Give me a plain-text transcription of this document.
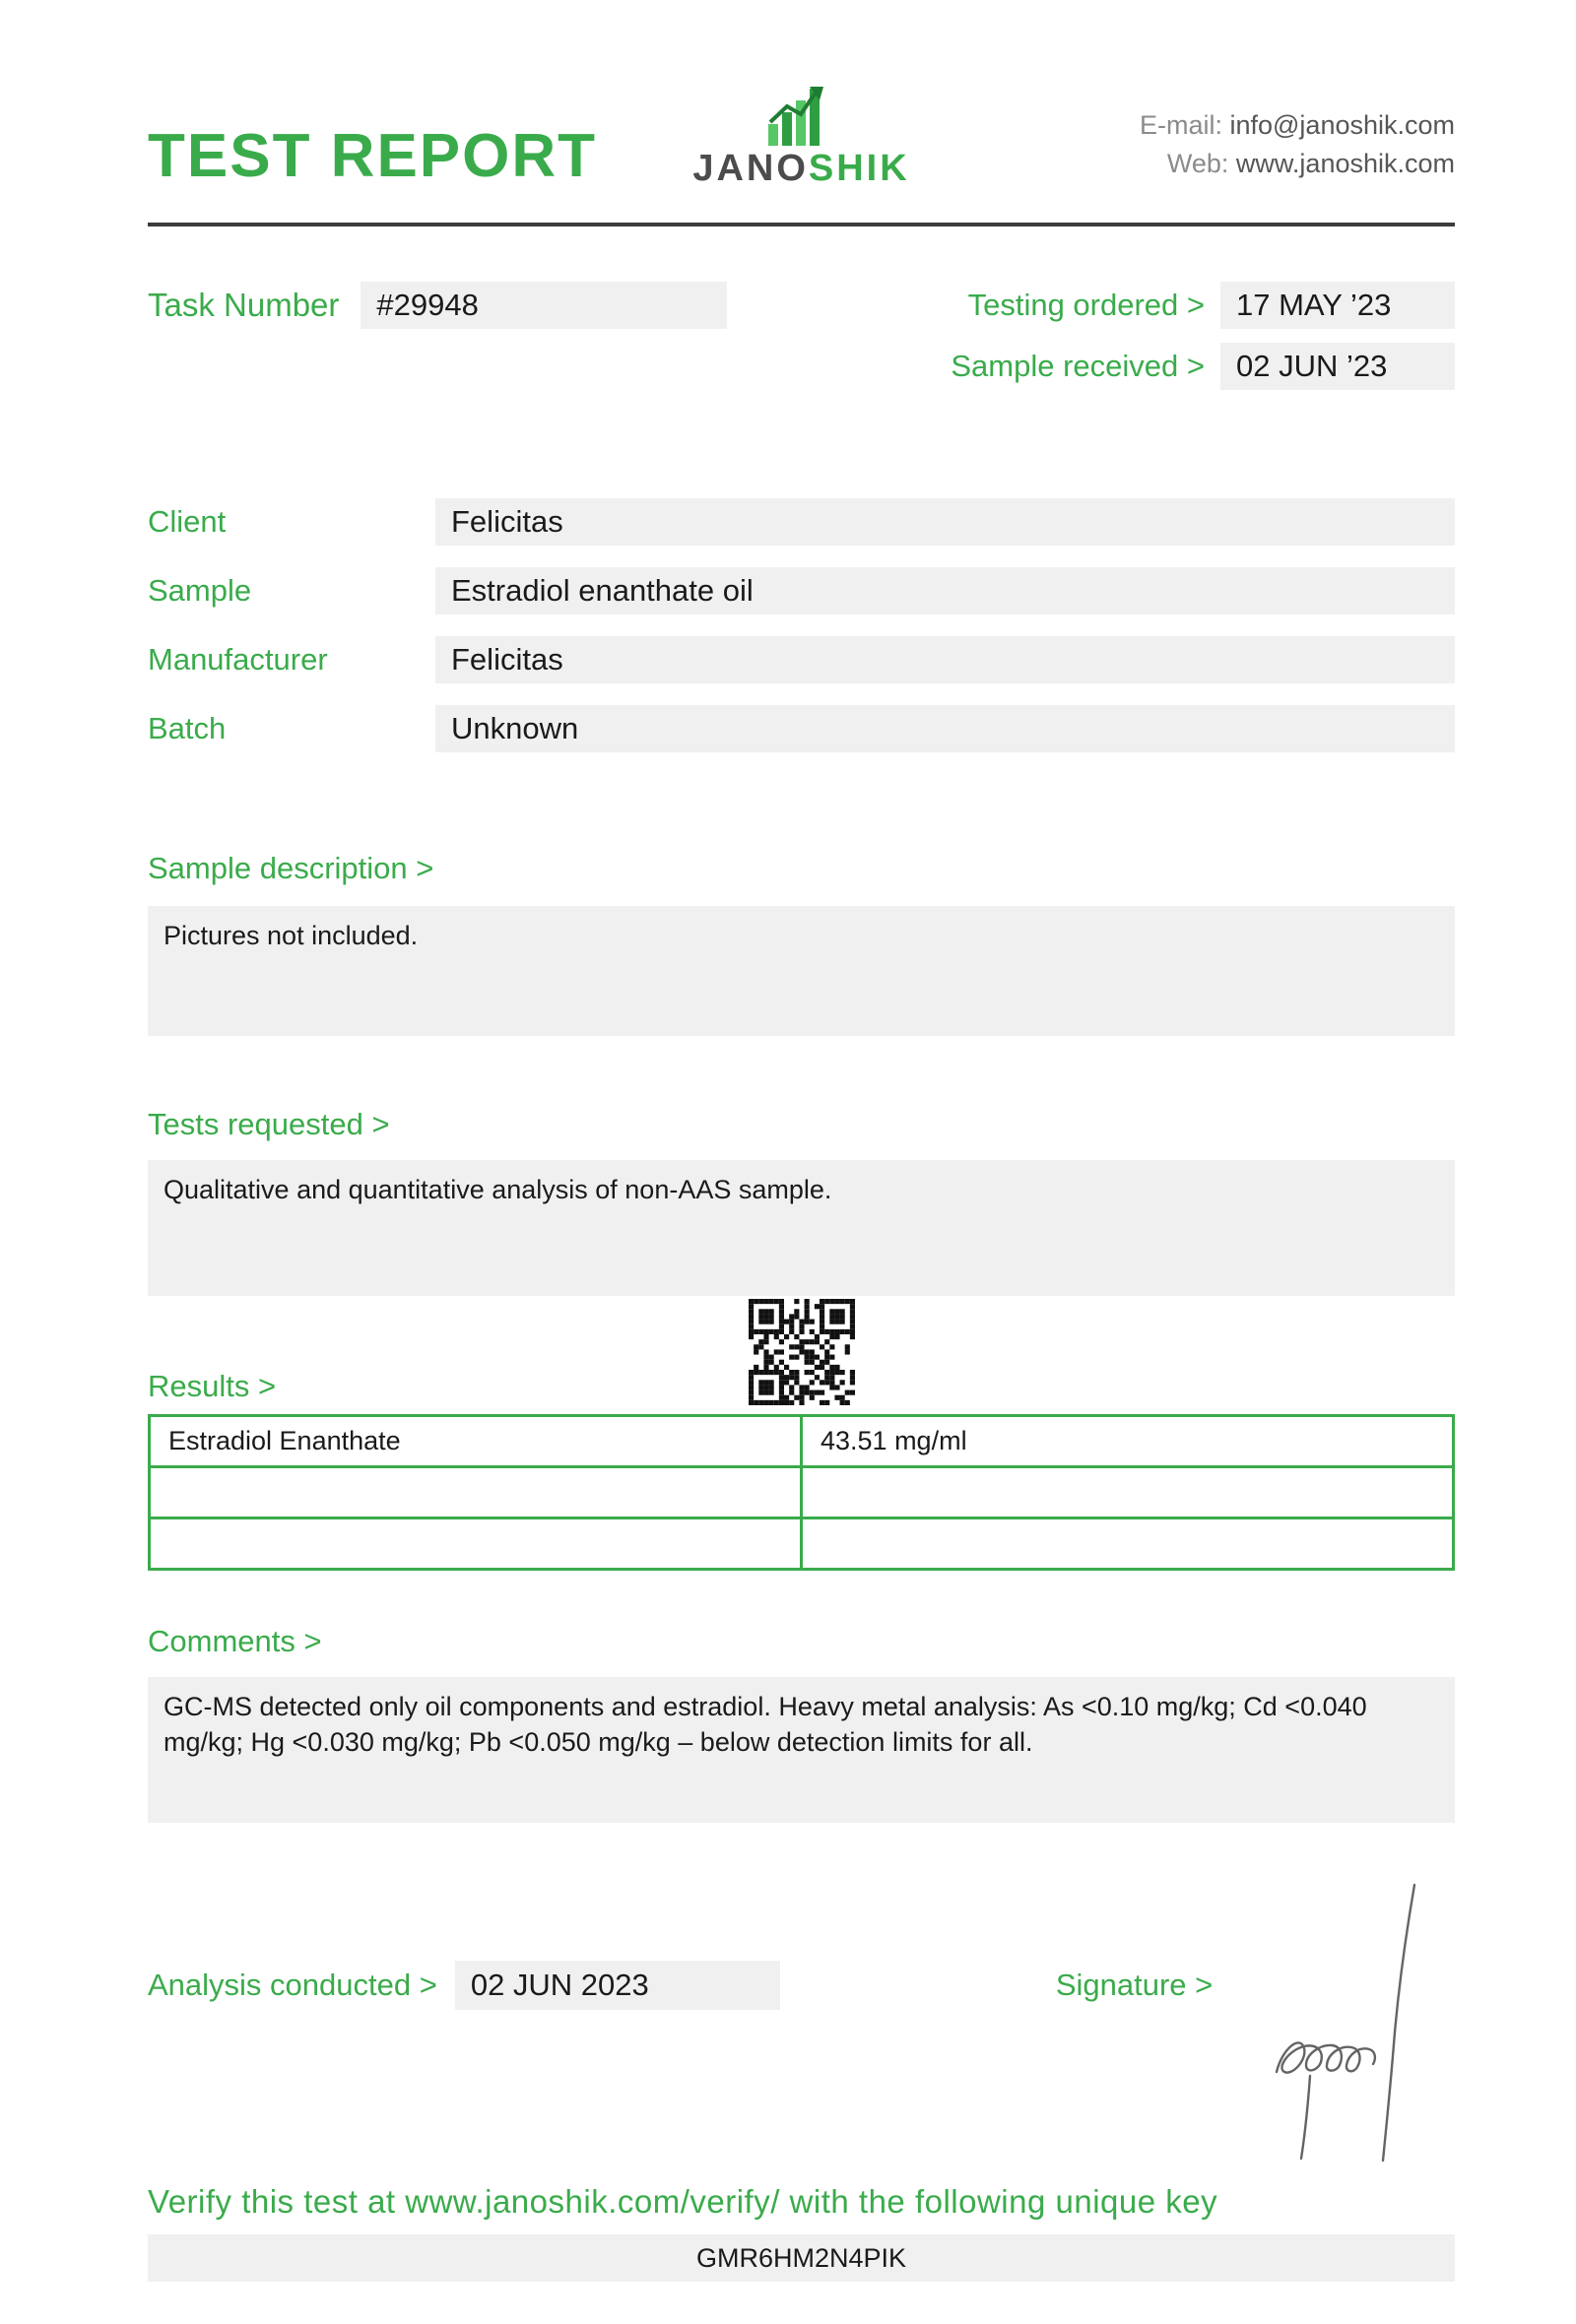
TEST REPORT	JANOSHIK
E-mail: info@janoshik.com
Web: www.janoshik.com
Task Number	#29948	Testing ordered >	17 MAY ’23
Sample received >	02 JUN ’23
Client	Felicitas
Sample	Estradiol enanthate oil
Manufacturer	Felicitas
Batch	Unknown
Sample description >
Pictures not included.
Tests requested >
Qualitative and quantitative analysis of non-AAS sample.
Results >
Estradiol Enanthate	43.51 mg/ml

Comments >
GC-MS detected only oil components and estradiol. Heavy metal analysis: As <0.10 mg/kg; Cd <0.040 mg/kg; Hg <0.030 mg/kg; Pb <0.050 mg/kg – below detection limits for all.
Analysis conducted >	02 JUN 2023	Signature >
Verify this test at www.janoshik.com/verify/ with the following unique key
GMR6HM2N4PIK
